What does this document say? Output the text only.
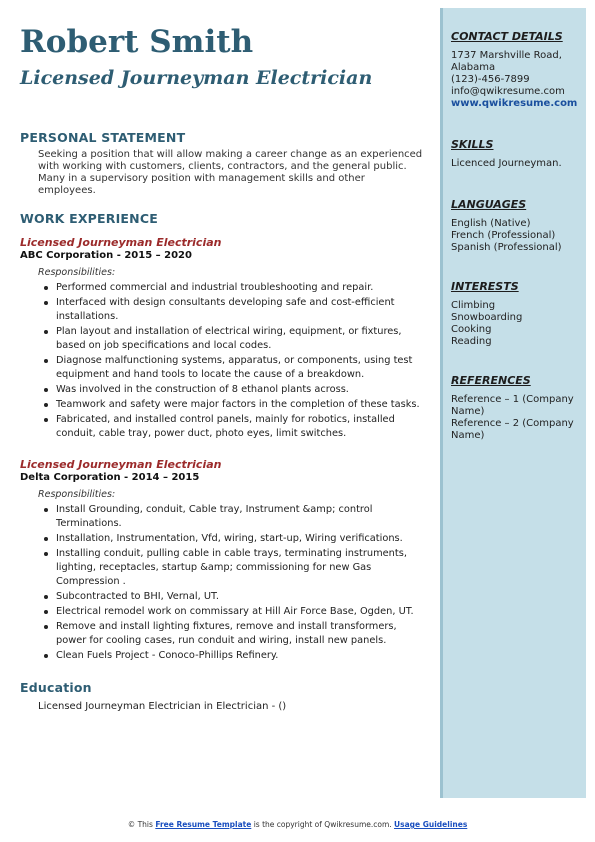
Robert Smith
Licensed Journeyman Electrician
PERSONAL STATEMENT

Seeking a position that will allow making a career change as an experienced with working with customers, clients, contractors, and the general public. Many in a supervisory position with management skills and other employees.

WORK EXPERIENCE

Licensed Journeyman Electrician

ABC Corporation - 2015 – 2020

Responsibilities:

Performed commercial and industrial troubleshooting and repair.
Interfaced with design consultants developing safe and cost-efficient installations.
Plan layout and installation of electrical wiring, equipment, or fixtures, based on job specifications and local codes.
Diagnose malfunctioning systems, apparatus, or components, using test equipment and hand tools to locate the cause of a breakdown.
Was involved in the construction of 8 ethanol plants across.
Teamwork and safety were major factors in the completion of these tasks.
Fabricated, and installed control panels, mainly for robotics, installed conduit, cable tray, power duct, photo eyes, limit switches.

Licensed Journeyman Electrician

Delta Corporation - 2014 – 2015

Responsibilities:

Install Grounding, conduit, Cable tray, Instrument &amp; control Terminations.
Installation, Instrumentation, Vfd, wiring, start-up, Wiring verifications.
Installing conduit, pulling cable in cable trays, terminating instruments, lighting, receptacles, startup &amp; commissioning for new Gas Compression .
Subcontracted to BHI, Vernal, UT.
Electrical remodel work on commissary at Hill Air Force Base, Ogden, UT.
Remove and install lighting fixtures, remove and install transformers, power for cooling cases, run conduit and wiring, install new panels.
Clean Fuels Project - Conoco-Phillips Refinery.
Education

Licensed Journeyman Electrician in Electrician - ()

CONTACT DETAILS

1737 Marshville Road,

Alabama

(123)-456-7899

info@qwikresume.com

www.qwikresume.com

SKILLS

Licenced Journeyman.

LANGUAGES

English (Native)

French (Professional)

Spanish (Professional)

INTERESTS

Climbing

Snowboarding

Cooking

Reading

REFERENCES

Reference – 1 (Company Name)

Reference – 2 (Company Name)

© This Free Resume Template is the copyright of Qwikresume.com. Usage Guidelines
